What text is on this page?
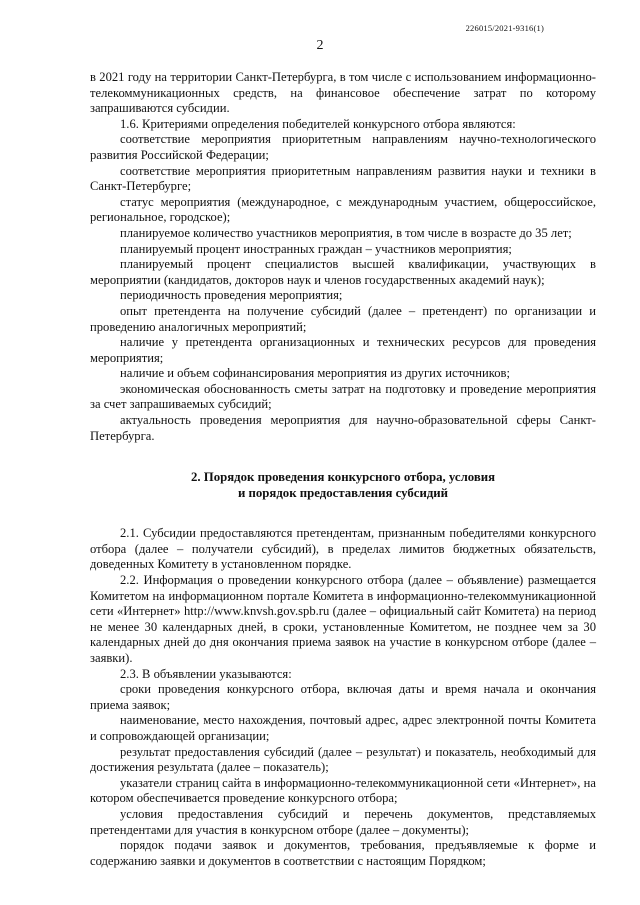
226015/2021-9316(1)
2

в 2021 году на территории Санкт-Петербурга, в том числе с использованием информационно-телекоммуникационных средств, на финансовое обеспечение затрат по которому запрашиваются субсидии.

1.6. Критериями определения победителей конкурсного отбора являются:

соответствие мероприятия приоритетным направлениям научно-технологического развития Российской Федерации;

соответствие мероприятия приоритетным направлениям развития науки и техники в Санкт-Петербурге;

статус мероприятия (международное, с международным участием, общероссийское, региональное, городское);

планируемое количество участников мероприятия, в том числе в возрасте до 35 лет;

планируемый процент иностранных граждан – участников мероприятия;

планируемый процент специалистов высшей квалификации, участвующих в мероприятии (кандидатов, докторов наук и членов государственных академий наук);

периодичность проведения мероприятия;

опыт претендента на получение субсидий (далее – претендент) по организации и проведению аналогичных мероприятий;

наличие у претендента организационных и технических ресурсов для проведения мероприятия;

наличие и объем софинансирования мероприятия из других источников;

экономическая обоснованность сметы затрат на подготовку и проведение мероприятия за счет запрашиваемых субсидий;

актуальность проведения мероприятия для научно-образовательной сферы Санкт-Петербурга.

2. Порядок проведения конкурсного отбора, условия
и порядок предоставления субсидий

2.1. Субсидии предоставляются претендентам, признанным победителями конкурсного отбора (далее – получатели субсидий), в пределах лимитов бюджетных обязательств, доведенных Комитету в установленном порядке.

2.2. Информация о проведении конкурсного отбора (далее – объявление) размещается Комитетом на информационном портале Комитета в информационно-телекоммуникационной сети «Интернет» http://www.knvsh.gov.spb.ru (далее – официальный сайт Комитета) на период не менее 30 календарных дней, в сроки, установленные Комитетом, не позднее чем за 30 календарных дней до дня окончания приема заявок на участие в конкурсном отборе (далее – заявки).

2.3. В объявлении указываются:

сроки проведения конкурсного отбора, включая даты и время начала и окончания приема заявок;

наименование, место нахождения, почтовый адрес, адрес электронной почты Комитета и сопровождающей организации;

результат предоставления субсидий (далее – результат) и показатель, необходимый для достижения результата (далее – показатель);

указатели страниц сайта в информационно-телекоммуникационной сети «Интернет», на котором обеспечивается проведение конкурсного отбора;

условия предоставления субсидий и перечень документов, представляемых претендентами для участия в конкурсном отборе (далее – документы);

порядок подачи заявок и документов, требования, предъявляемые к форме и содержанию заявки и документов в соответствии с настоящим Порядком;
